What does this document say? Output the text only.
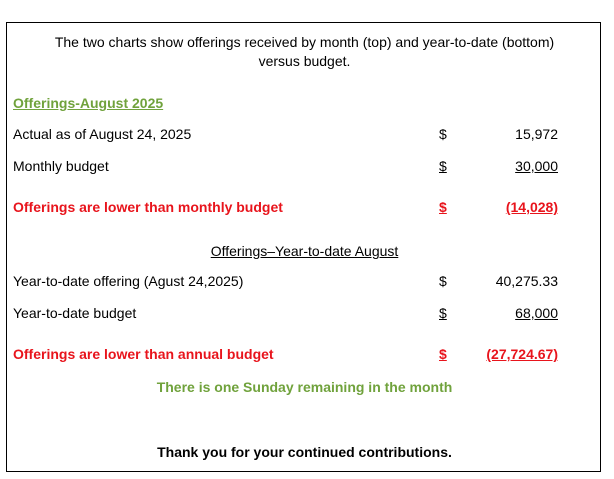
The two charts show offerings received by month (top) and year-to-date (bottom)
versus budget.
Offerings-August 2025
Actual as of August 24, 2025	$	15,972
Monthly budget	$	30,000
Offerings are lower than monthly budget	$	(14,028)
Offerings–Year-to-date August
Year-to-date offering (Agust 24,2025)	$	40,275.33
Year-to-date budget	$	68,000
Offerings are lower than annual budget	$	(27,724.67)
There is one Sunday remaining in the month
Thank you for your continued contributions.
